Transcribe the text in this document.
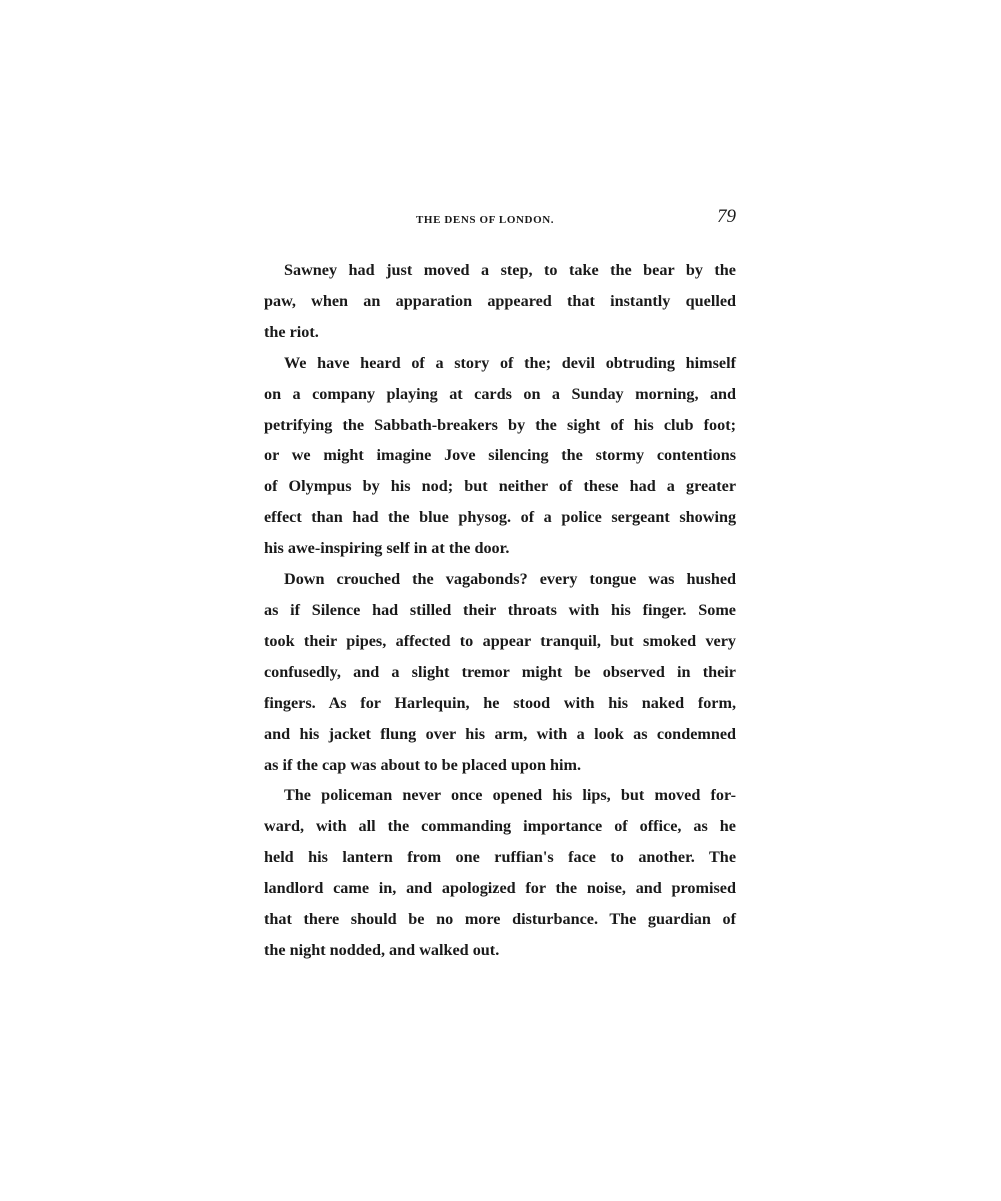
THE DENS OF LONDON.	79
Sawney had just moved a step, to take the bear by the
paw, when an apparation appeared that instantly quelled
the riot.
We have heard of a story of the; devil obtruding himself
on a company playing at cards on a Sunday morning, and
petrifying the Sabbath-breakers by the sight of his club foot;
or we might imagine Jove silencing the stormy contentions
of Olympus by his nod; but neither of these had a greater
effect than had the blue physog. of a police sergeant showing
his awe-inspiring self in at the door.
Down crouched the vagabonds? every tongue was hushed
as if Silence had stilled their throats with his finger. Some
took their pipes, affected to appear tranquil, but smoked very
confusedly, and a slight tremor might be observed in their
fingers. As for Harlequin, he stood with his naked form,
and his jacket flung over his arm, with a look as condemned
as if the cap was about to be placed upon him.
The policeman never once opened his lips, but moved for-
ward, with all the commanding importance of office, as he
held his lantern from one ruffian's face to another. The
landlord came in, and apologized for the noise, and promised
that there should be no more disturbance. The guardian of
the night nodded, and walked out.
